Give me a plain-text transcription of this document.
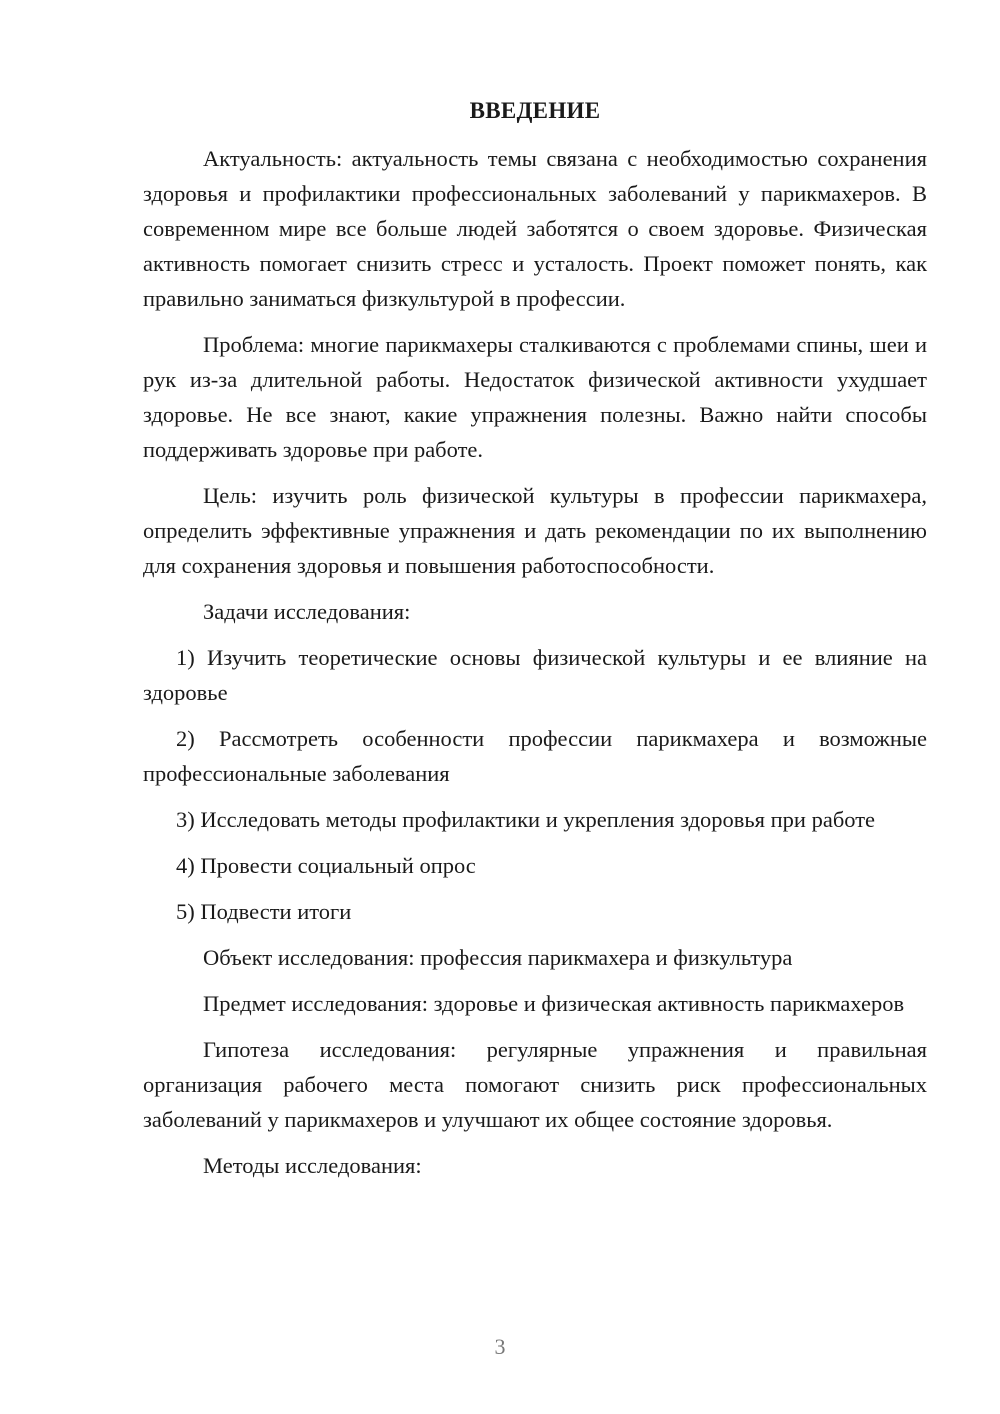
ВВЕДЕНИЕ

Актуальность: актуальность темы связана с необходимостью сохранения здоровья и профилактики профессиональных заболеваний у парикмахеров. В современном мире все больше людей заботятся о своем здоровье. Физическая активность помогает снизить стресс и усталость. Проект поможет понять, как правильно заниматься физкультурой в профессии.

Проблема: многие парикмахеры сталкиваются с проблемами спины, шеи и рук из-за длительной работы. Недостаток физической активности ухудшает здоровье. Не все знают, какие упражнения полезны. Важно найти способы поддерживать здоровье при работе.

Цель: изучить роль физической культуры в профессии парикмахера, определить эффективные упражнения и дать рекомендации по их выполнению для сохранения здоровья и повышения работоспособности.

Задачи исследования:

1) Изучить теоретические основы физической культуры и ее влияние на здоровье

2) Рассмотреть особенности профессии парикмахера и возможные профессиональные заболевания

3) Исследовать методы профилактики и укрепления здоровья при работе

4) Провести социальный опрос

5) Подвести итоги

Объект исследования: профессия парикмахера и физкультура

Предмет исследования: здоровье и физическая активность парикмахеров

Гипотеза исследования: регулярные упражнения и правильная организация рабочего места помогают снизить риск профессиональных заболеваний у парикмахеров и улучшают их общее состояние здоровья.

Методы исследования:

3
